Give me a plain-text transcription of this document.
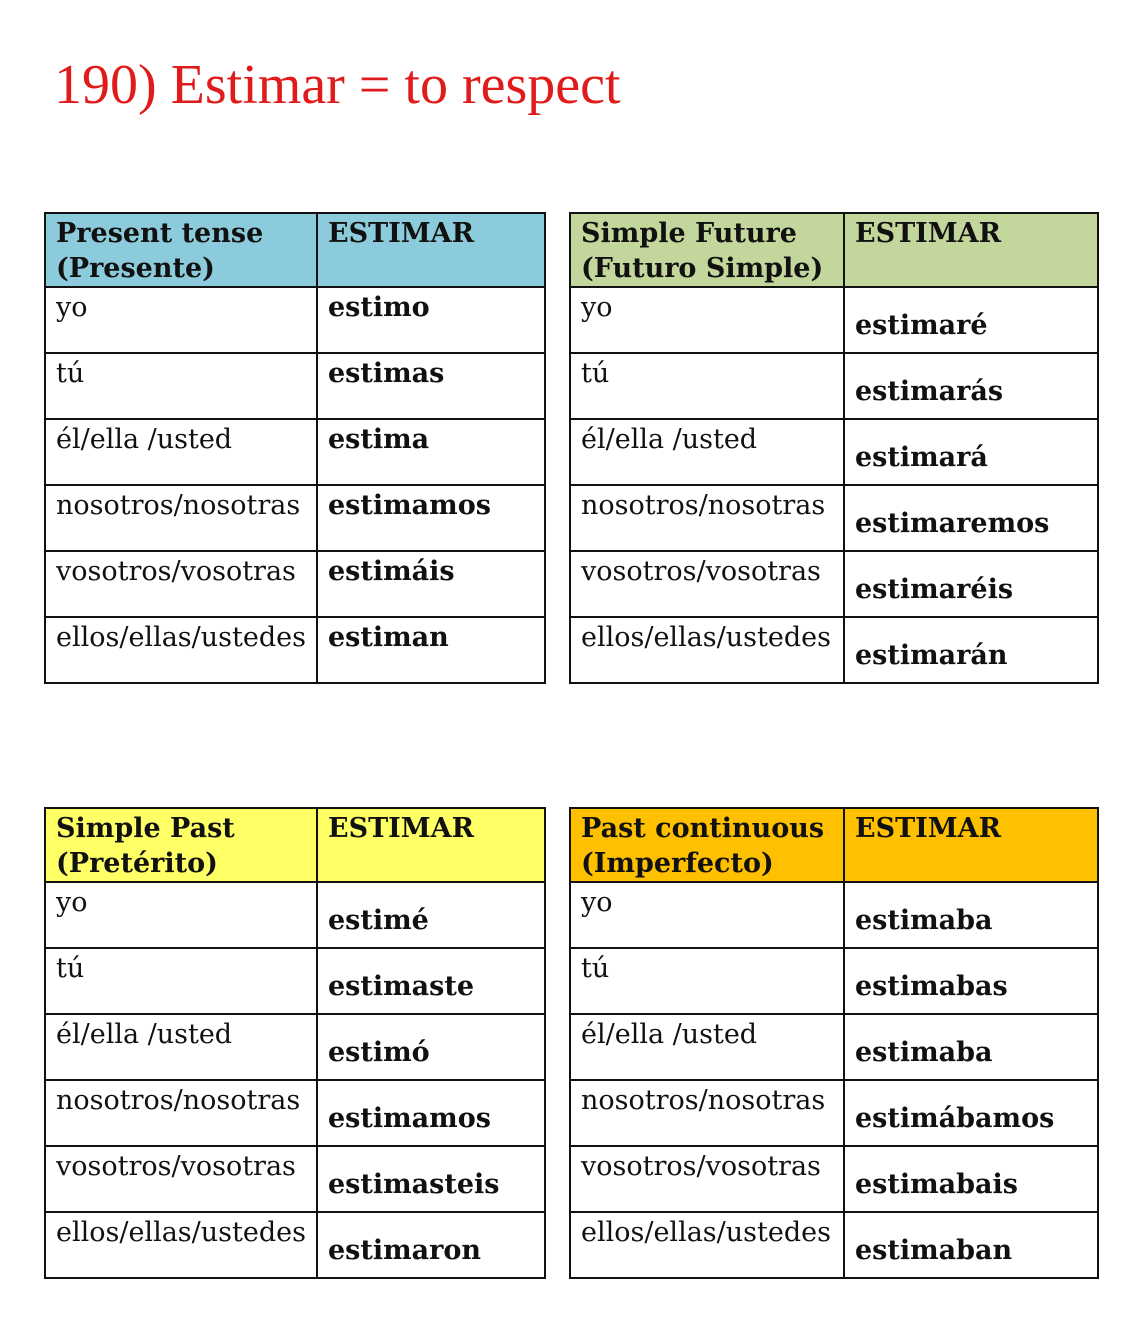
190) Estimar = to respect
Present tense
(Presente)	ESTIMAR
yo	estimo
tú	estimas
él/ella /usted	estima
nosotros/nosotras	estimamos
vosotros/vosotras	estimáis
ellos/ellas/ustedes	estiman
Simple Future
(Futuro Simple)	ESTIMAR
yo	estimaré
tú	estimarás
él/ella /usted	estimará
nosotros/nosotras	estimaremos
vosotros/vosotras	estimaréis
ellos/ellas/ustedes	estimarán
Simple Past
(Pretérito)	ESTIMAR
yo	estimé
tú	estimaste
él/ella /usted	estimó
nosotros/nosotras	estimamos
vosotros/vosotras	estimasteis
ellos/ellas/ustedes	estimaron
Past continuous
(Imperfecto)	ESTIMAR
yo	estimaba
tú	estimabas
él/ella /usted	estimaba
nosotros/nosotras	estimábamos
vosotros/vosotras	estimabais
ellos/ellas/ustedes	estimaban
